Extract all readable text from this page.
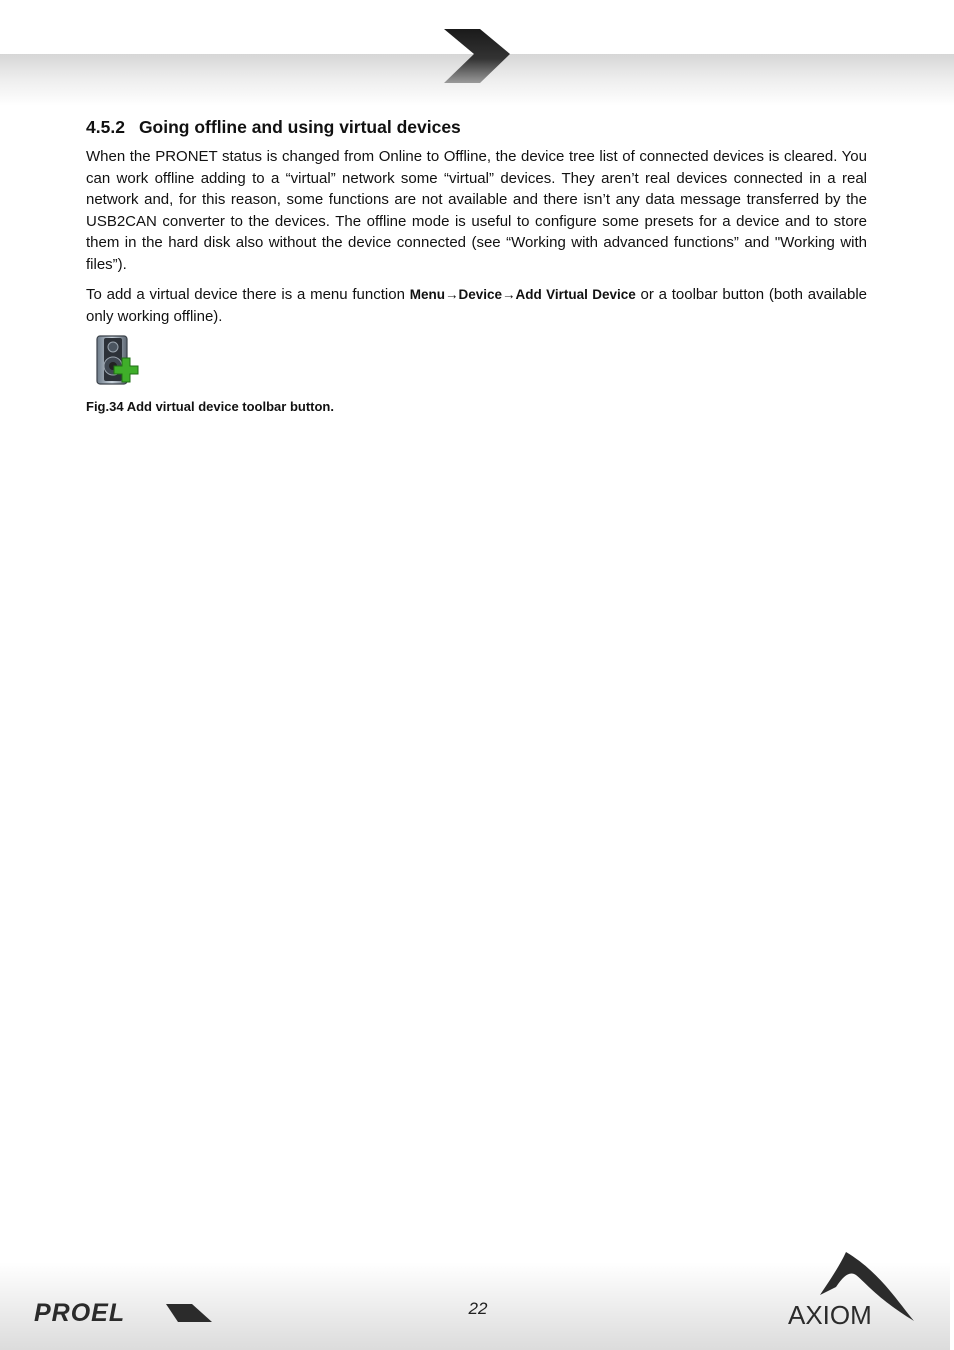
4.5.2 Going offline and using virtual devices

When the PRONET status is changed from Online to Offline, the device tree list of connected devices is cleared. You can work offline adding to a “virtual” network some “virtual” devices. They aren’t real devices connected in a real network and, for this reason, some functions are not available and there isn’t any data message transferred by the USB2CAN converter to the devices. The offline mode is useful to configure some presets for a device and to store them in the hard disk also without the device connected (see “Working with advanced functions” and "Working with files”).

To add a virtual device there is a menu function Menu→Device→Add Virtual Device or a toolbar button (both available only working offline).

Fig.34 Add virtual device toolbar button.

PROEL	22	AXIOM
